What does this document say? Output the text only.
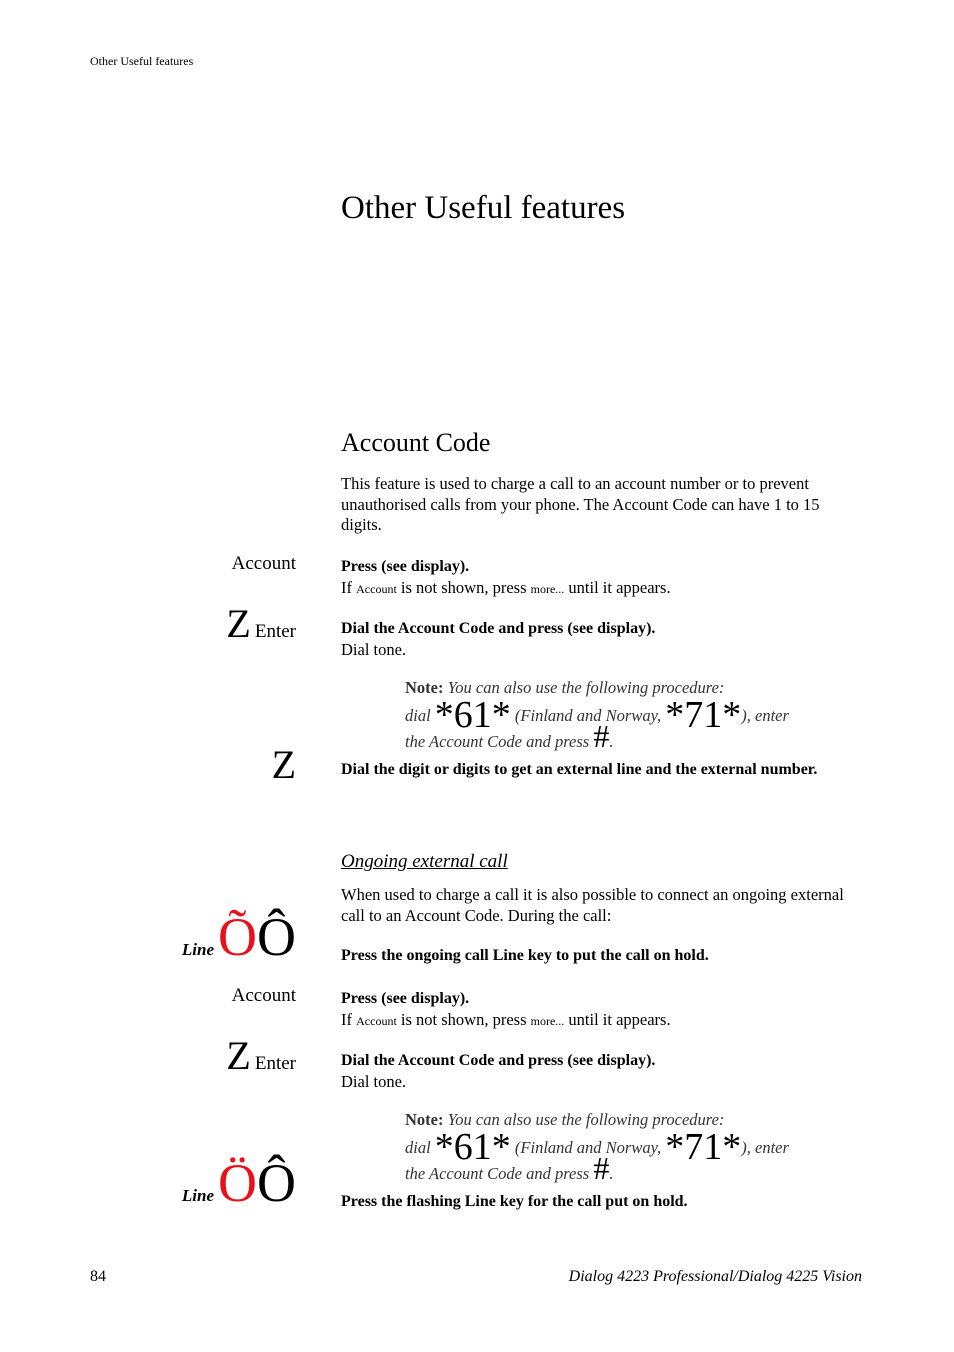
Other Useful features
Other Useful features
Account Code
This feature is used to charge a call to an account number or to prevent unauthorised calls from your phone. The Account Code can have 1 to 15 digits.
Account	Press (see display).
If Account is not shown, press more... until it appears.
Z Enter	Dial the Account Code and press (see display).
Dial tone.
Note: You can also use the following procedure:
dial *61* (Finland and Norway, *71*), enter
the Account Code and press #.
Z	Dial the digit or digits to get an external line and the external number.
Ongoing external call
When used to charge a call it is also possible to connect an ongoing external call to an Account Code. During the call:
Line ÕÔ	Press the ongoing call Line key to put the call on hold.
Account	Press (see display).
If Account is not shown, press more... until it appears.
Z Enter	Dial the Account Code and press (see display).
Dial tone.
Note: You can also use the following procedure:
dial *61* (Finland and Norway, *71*), enter
the Account Code and press #.
Line ÖÔ	Press the flashing Line key for the call put on hold.
84	Dialog 4223 Professional/Dialog 4225 Vision
